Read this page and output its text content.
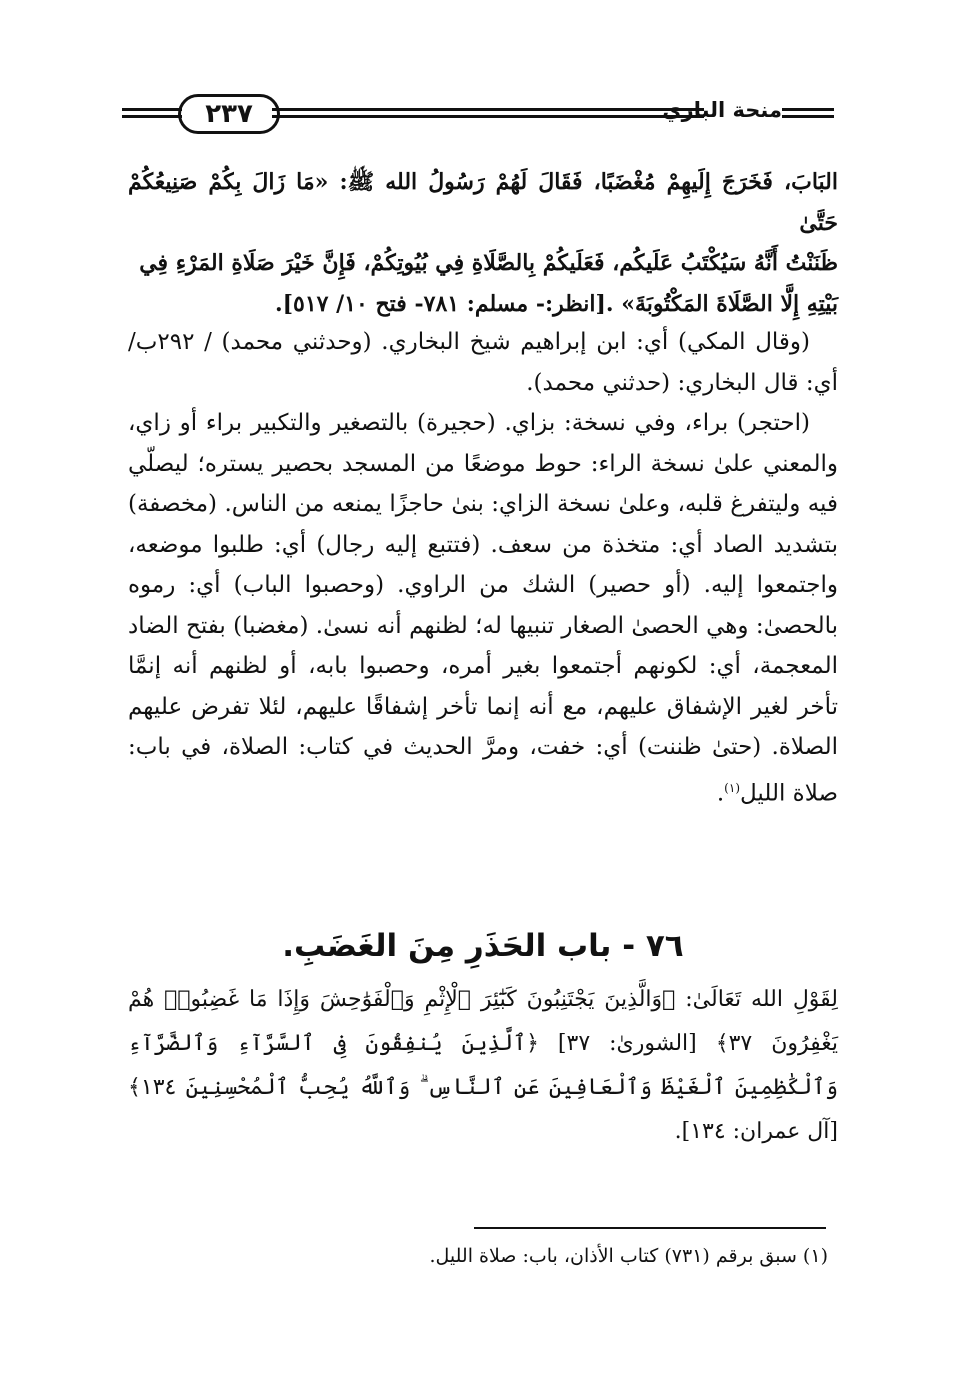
٢٣٧	منحة الباري
البَابَ، فَخَرَجَ إِلَيهِمْ مُغْضَبًا، فَقَالَ لَهُمْ رَسُولُ الله ﷺ: «مَا زَالَ بِكُمْ صَنِيعُكُمْ حَتَّىٰ
ظَنَنْتُ أَنَّهُ سَيُكْتَبُ عَلَيكُم، فَعَلَيكُمْ بِالصَّلَاةِ فِي بُيُوتِكُمْ، فَإِنَّ خَيْرَ صَلَاةِ المَرْءِ فِي
بَيْتِهِ إِلَّا الصَّلَاةَ المَكْتُوبَةَ» .[انظر:- مسلم: ٧٨١- فتح ١٠/ ٥١٧].

(وقال المكي) أي: ابن إبراهيم شيخ البخاري. (وحدثني محمد) / ٢٩٢ب/ أي: قال البخاري: (حدثني محمد).

(احتجر) براء، وفي نسخة: بزاي. (حجيرة) بالتصغير والتكبير براء أو زاي، والمعني علىٰ نسخة الراء: حوط موضعًا من المسجد بحصير يستره؛ ليصلّي فيه وليتفرغ قلبه، وعلىٰ نسخة الزاي: بنىٰ حاجزًا يمنعه من الناس. (مخصفة) بتشديد الصاد أي: متخذة من سعف. (فتتبع إليه رجال) أي: طلبوا موضعه، واجتمعوا إليه. (أو حصير) الشك من الراوي. (وحصبوا الباب) أي: رموه بالحصىٰ: وهي الحصىٰ الصغار تنبيها له؛ لظنهم أنه نسىٰ. (مغضبا) بفتح الضاد المعجمة، أي: لكونهم أجتمعوا بغير أمره، وحصبوا بابه، أو لظنهم أنه إنمَّا تأخر لغير الإشفاق عليهم، مع أنه إنما تأخر إشفاقًا عليهم، لئلا تفرض عليهم الصلاة. (حتىٰ ظننت) أي: خفت، ومرَّ الحديث في كتاب: الصلاة، في باب: صلاة الليل$^{(١)}$.

٧٦ - باب الحَذَرِ مِنَ الغَضَبِ.
لِقَوْلِ الله تَعَالَىٰ: ﴿وَالَّذِينَ يَجْتَنِبُونَ كَبَٰٓئِرَ ٱلْإِثْمِ وَٱلْفَوَٰحِشَ وَإِذَا مَا غَضِبُوا۟ هُمْ يَغْفِرُونَ ٣٧﴾ [الشورىٰ: ٣٧] ﴿ٱلَّذِينَ يُنفِقُونَ فِى ٱلسَّرَّآءِ وَٱلضَّرَّآءِ وَٱلْكَٰظِمِينَ ٱلْغَيْظَ وَٱلْعَافِينَ عَنِ ٱلنَّاسِ ۗ وَٱللَّهُ يُحِبُّ ٱلْمُحْسِنِينَ ١٣٤﴾ [آل عمران: ١٣٤].
(١) سبق برقم (٧٣١) كتاب الأذان، باب: صلاة الليل.
